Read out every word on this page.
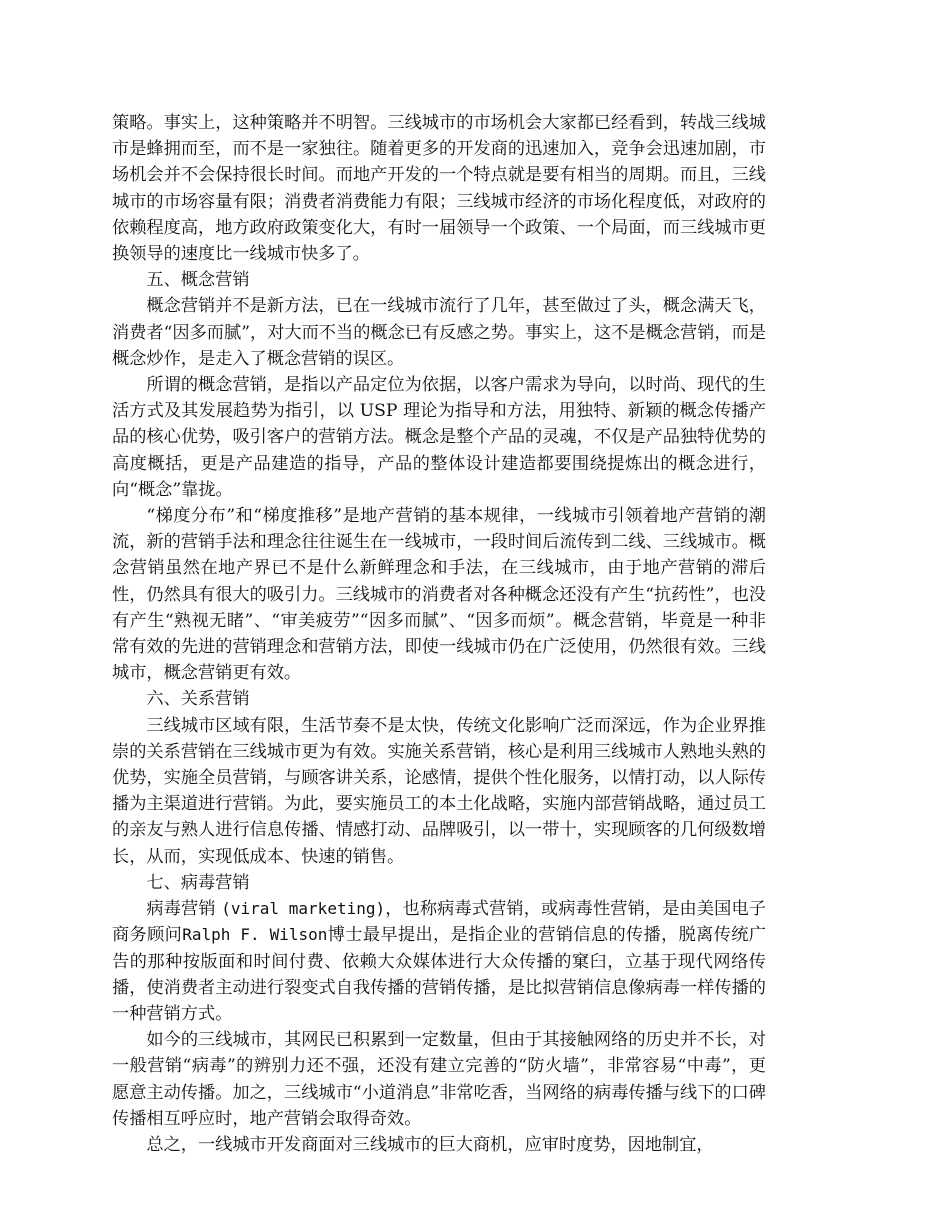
策略。事实上，这种策略并不明智。三线城市的市场机会大家都已经看到，转战三线城市是蜂拥而至，而不是一家独往。随着更多的开发商的迅速加入，竞争会迅速加剧，市场机会并不会保持很长时间。而地产开发的一个特点就是要有相当的周期。而且，三线城市的市场容量有限；消费者消费能力有限；三线城市经济的市场化程度低，对政府的依赖程度高，地方政府政策变化大，有时一届领导一个政策、一个局面，而三线城市更换领导的速度比一线城市快多了。

五、概念营销

概念营销并不是新方法，已在一线城市流行了几年，甚至做过了头，概念满天飞，消费者“因多而腻”，对大而不当的概念已有反感之势。事实上，这不是概念营销，而是概念炒作，是走入了概念营销的误区。

所谓的概念营销，是指以产品定位为依据，以客户需求为导向，以时尚、现代的生活方式及其发展趋势为指引，以 USP 理论为指导和方法，用独特、新颖的概念传播产品的核心优势，吸引客户的营销方法。概念是整个产品的灵魂，不仅是产品独特优势的高度概括，更是产品建造的指导，产品的整体设计建造都要围绕提炼出的概念进行，向“概念”靠拢。

“梯度分布”和“梯度推移”是地产营销的基本规律，一线城市引领着地产营销的潮流，新的营销手法和理念往往诞生在一线城市，一段时间后流传到二线、三线城市。概念营销虽然在地产界已不是什么新鲜理念和手法，在三线城市，由于地产营销的滞后性，仍然具有很大的吸引力。三线城市的消费者对各种概念还没有产生“抗药性”，也没有产生“熟视无睹”、“审美疲劳”“因多而腻”、“因多而烦”。概念营销，毕竟是一种非常有效的先进的营销理念和营销方法，即使一线城市仍在广泛使用，仍然很有效。三线城市，概念营销更有效。

六、关系营销

三线城市区域有限，生活节奏不是太快，传统文化影响广泛而深远，作为企业界推崇的关系营销在三线城市更为有效。实施关系营销，核心是利用三线城市人熟地头熟的优势，实施全员营销，与顾客讲关系，论感情，提供个性化服务，以情打动，以人际传播为主渠道进行营销。为此，要实施员工的本土化战略，实施内部营销战略，通过员工的亲友与熟人进行信息传播、情感打动、品牌吸引，以一带十，实现顾客的几何级数增长，从而，实现低成本、快速的销售。

七、病毒营销

病毒营销 (viral marketing)，也称病毒式营销，或病毒性营销，是由美国电子商务顾问Ralph F. Wilson博士最早提出，是指企业的营销信息的传播，脱离传统广告的那种按版面和时间付费、依赖大众媒体进行大众传播的窠臼，立基于现代网络传播，使消费者主动进行裂变式自我传播的营销传播，是比拟营销信息像病毒一样传播的一种营销方式。

如今的三线城市，其网民已积累到一定数量，但由于其接触网络的历史并不长，对一般营销“病毒”的辨别力还不强，还没有建立完善的“防火墙”，非常容易“中毒”，更愿意主动传播。加之，三线城市“小道消息”非常吃香，当网络的病毒传播与线下的口碑传播相互呼应时，地产营销会取得奇效。

总之，一线城市开发商面对三线城市的巨大商机，应审时度势，因地制宜，
